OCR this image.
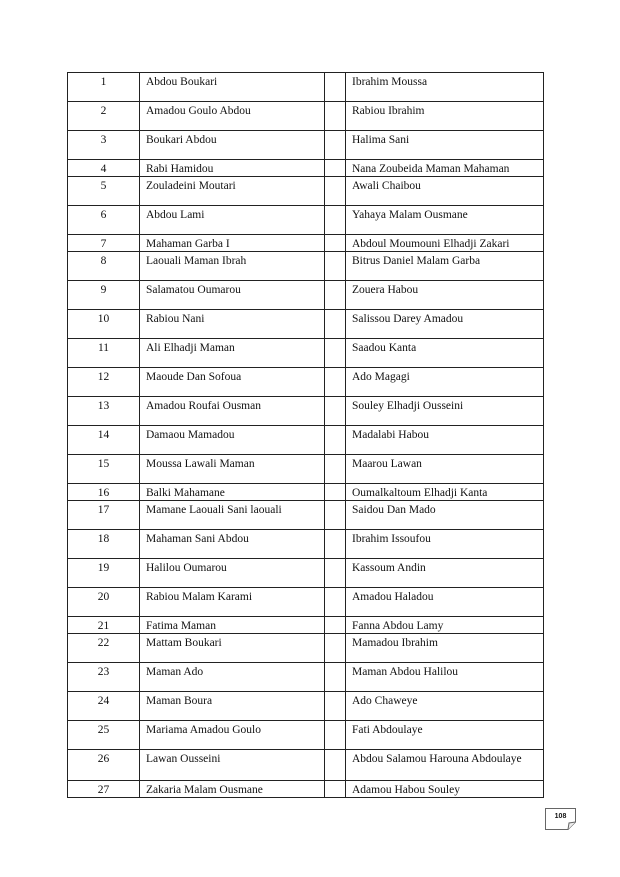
1	Abdou Boukari		Ibrahim Moussa
2	Amadou Goulo Abdou		Rabiou Ibrahim
3	Boukari Abdou		Halima Sani
4	Rabi Hamidou		Nana Zoubeida Maman Mahaman
5	Zouladeini Moutari		Awali Chaibou
6	Abdou Lami		Yahaya Malam Ousmane
7	Mahaman Garba I		Abdoul Moumouni Elhadji Zakari
8	Laouali Maman Ibrah		Bitrus Daniel Malam Garba
9	Salamatou Oumarou		Zouera Habou
10	Rabiou Nani		Salissou Darey Amadou
11	Ali Elhadji Maman		Saadou Kanta
12	Maoude Dan Sofoua		Ado Magagi
13	Amadou Roufai Ousman		Souley Elhadji Ousseini
14	Damaou Mamadou		Madalabi Habou
15	Moussa Lawali Maman		Maarou Lawan
16	Balki Mahamane		Oumalkaltoum Elhadji Kanta
17	Mamane Laouali Sani laouali		Saidou Dan Mado
18	Mahaman Sani Abdou		Ibrahim Issoufou
19	Halilou Oumarou		Kassoum Andin
20	Rabiou Malam Karami		Amadou Haladou
21	Fatima Maman		Fanna Abdou Lamy
22	Mattam Boukari		Mamadou Ibrahim
23	Maman Ado		Maman Abdou Halilou
24	Maman Boura		Ado Chaweye
25	Mariama Amadou Goulo		Fati Abdoulaye
26	Lawan Ousseini		Abdou Salamou Harouna Abdoulaye
27	Zakaria Malam Ousmane		Adamou Habou Souley
108
